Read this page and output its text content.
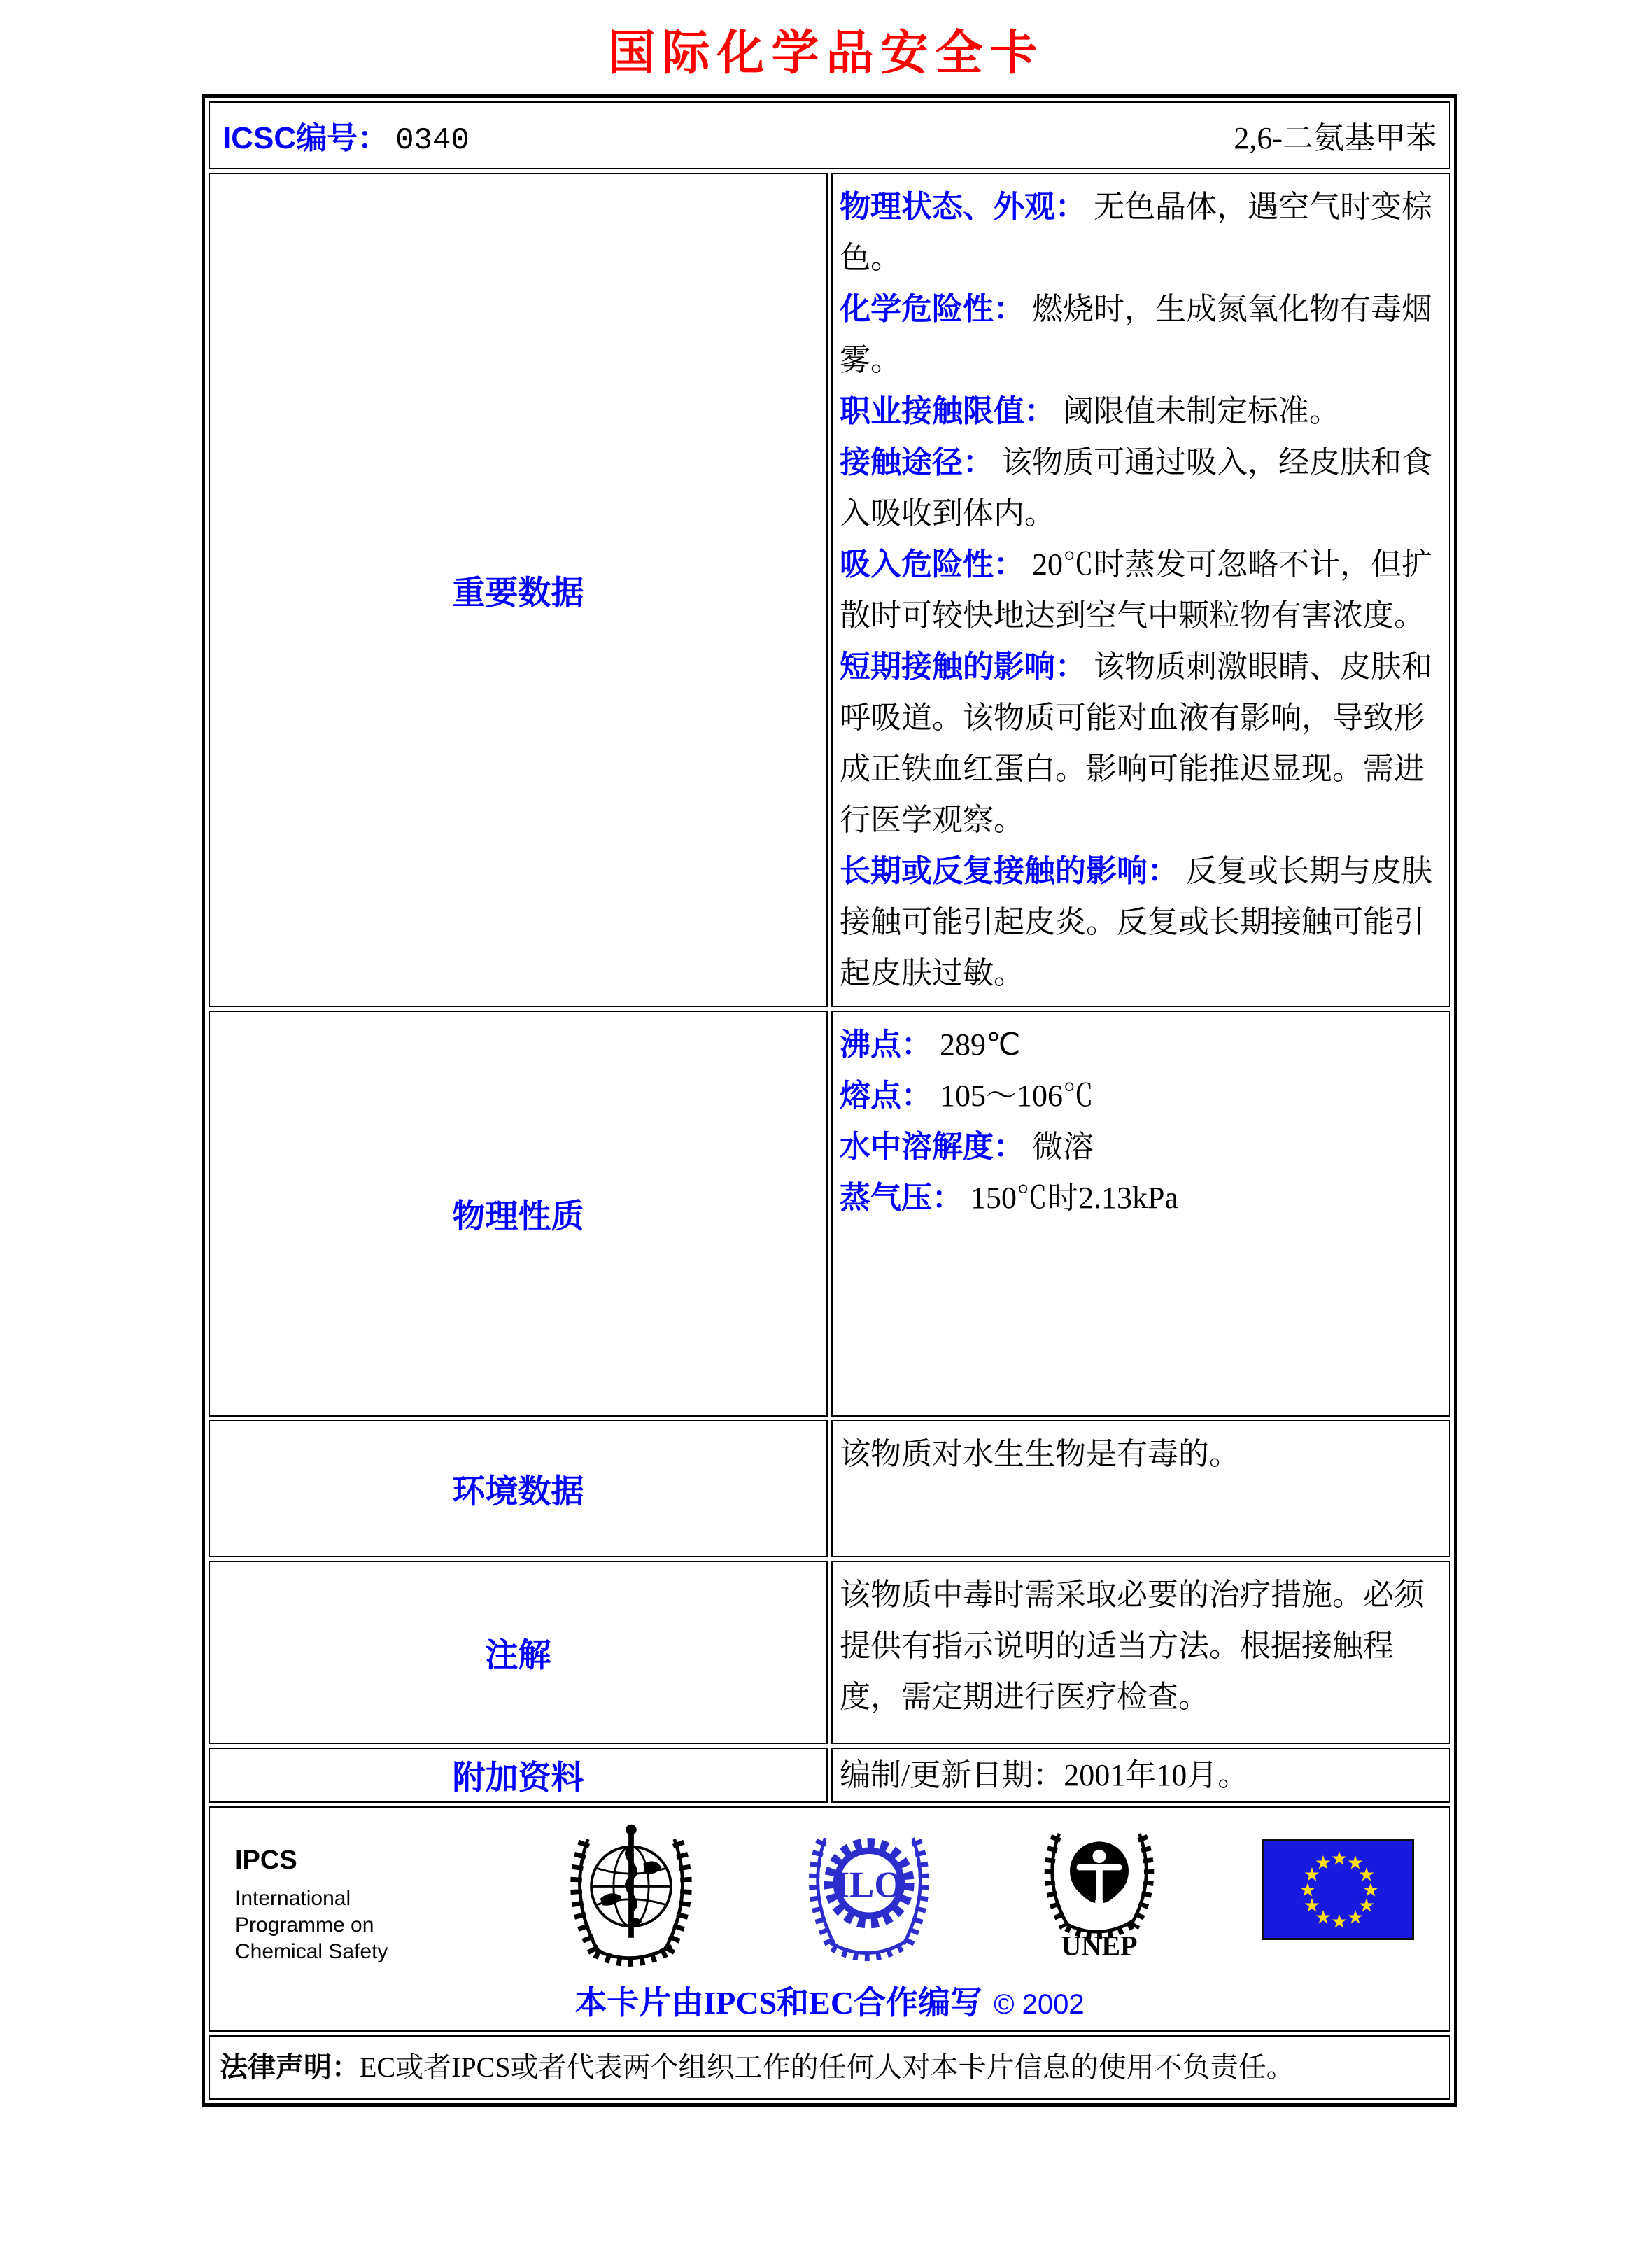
国际化学品安全卡
ICSC编号： 0340 2,6-二氨基甲苯	

重要数据	
物理状态、外观： 无色晶体，遇空气时变棕色。
化学危险性： 燃烧时，生成氮氧化物有毒烟雾。
职业接触限值： 阈限值未制定标准。
接触途径： 该物质可通过吸入，经皮肤和食入吸收到体内。
吸入危险性： 20℃时蒸发可忽略不计，但扩散时可较快地达到空气中颗粒物有害浓度。
短期接触的影响： 该物质刺激眼睛、皮肤和呼吸道。该物质可能对血液有影响，导致形成正铁血红蛋白。影响可能推迟显现。需进行医学观察。
长期或反复接触的影响： 反复或长期与皮肤接触可能引起皮炎。反复或长期接触可能引起皮肤过敏。

物理性质	沸点： 289℃
熔点： 105～106℃
水中溶解度： 微溶
蒸气压： 150℃时2.13kPa

环境数据	该物质对水生生物是有毒的。

注解	该物质中毒时需采取必要的治疗措施。必须提供有指示说明的适当方法。根据接触程度，需定期进行医疗检查。

附加资料	编制/更新日期：2001年10月。

IPCS
International
Programme on
Chemical Safety
ILO
UNEP
★
★
★
★
★
★
★
★
★
★
★
★
本卡片由IPCS和EC合作编写 © 2002

法律声明：EC或者IPCS或者代表两个组织工作的任何人对本卡片信息的使用不负责任。	
